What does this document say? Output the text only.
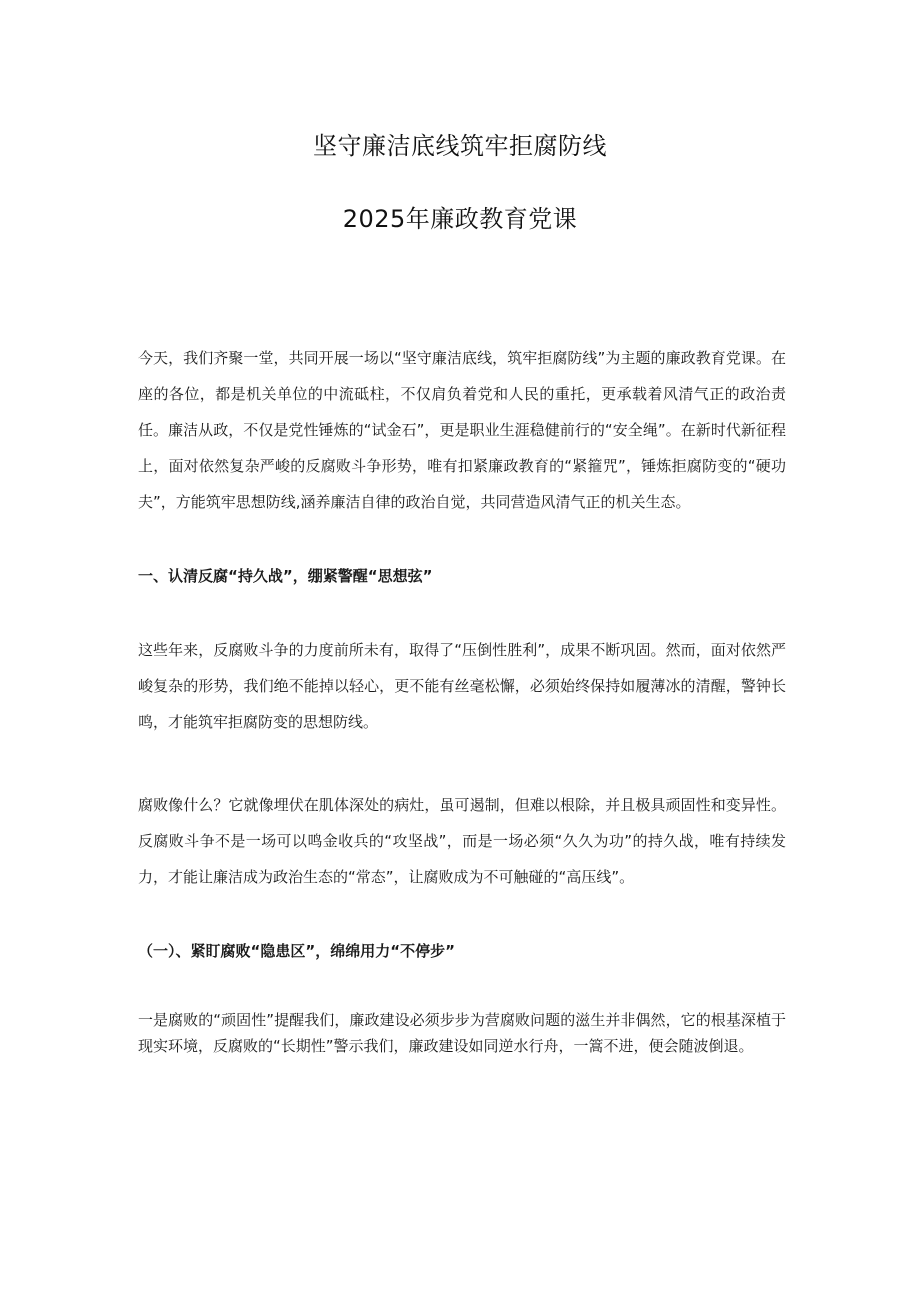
坚守廉洁底线筑牢拒腐防线
2025年廉政教育党课

今天，我们齐聚一堂，共同开展一场以“坚守廉洁底线，筑牢拒腐防线”为主题的廉政教育党课。在座的各位，都是机关单位的中流砥柱，不仅肩负着党和人民的重托，更承载着风清气正的政治责任。廉洁从政，不仅是党性锤炼的“试金石”，更是职业生涯稳健前行的“安全绳”。在新时代新征程上，面对依然复杂严峻的反腐败斗争形势，唯有扣紧廉政教育的“紧箍咒”，锤炼拒腐防变的“硬功夫”，方能筑牢思想防线,涵养廉洁自律的政治自觉，共同营造风清气正的机关生态。

一、认清反腐“持久战”，绷紧警醒“思想弦”

这些年来，反腐败斗争的力度前所未有，取得了“压倒性胜利”，成果不断巩固。然而，面对依然严峻复杂的形势，我们绝不能掉以轻心，更不能有丝毫松懈，必须始终保持如履薄冰的清醒，警钟长鸣，才能筑牢拒腐防变的思想防线。

腐败像什么？它就像埋伏在肌体深处的病灶，虽可遏制，但难以根除，并且极具顽固性和变异性。反腐败斗争不是一场可以鸣金收兵的“攻坚战”，而是一场必须“久久为功”的持久战，唯有持续发力，才能让廉洁成为政治生态的“常态”，让腐败成为不可触碰的“高压线”。

（一）、紧盯腐败“隐患区”，绵绵用力“不停步”

一是腐败的“顽固性”提醒我们，廉政建设必须步步为营腐败问题的滋生并非偶然，它的根基深植于现实环境，反腐败的“长期性”警示我们，廉政建设如同逆水行舟，一篙不进，便会随波倒退。
